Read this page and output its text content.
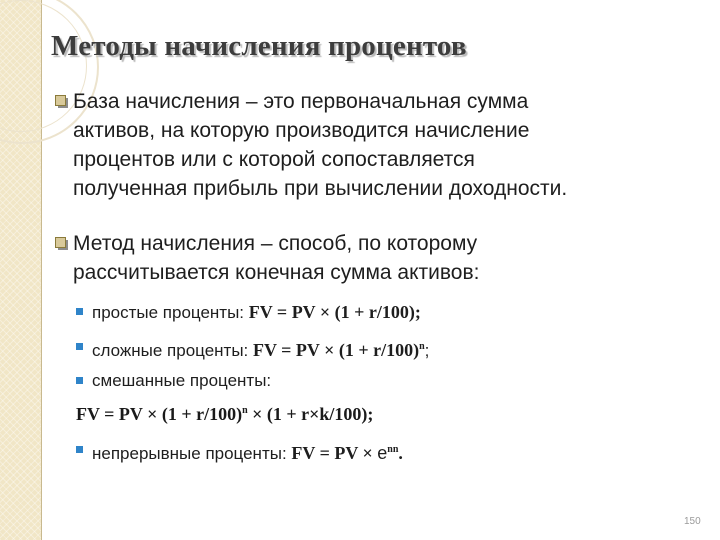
Методы начисления процентов
База начисления – это первоначальная сумма
активов, на которую производится начисление
процентов или с которой сопоставляется
полученная прибыль при вычислении доходности.
Метод начисления – способ, по которому
рассчитывается конечная сумма активов:
простые проценты: FV = PV × (1 + r/100);
сложные проценты: FV = PV × $(1 + r/100)^n$;
смешанные проценты:
FV = PV × $(1 + r/100)^n \times (1 + r\times k/100)$;
непрерывные проценты: FV = PV × $е^{nn}$.
150
